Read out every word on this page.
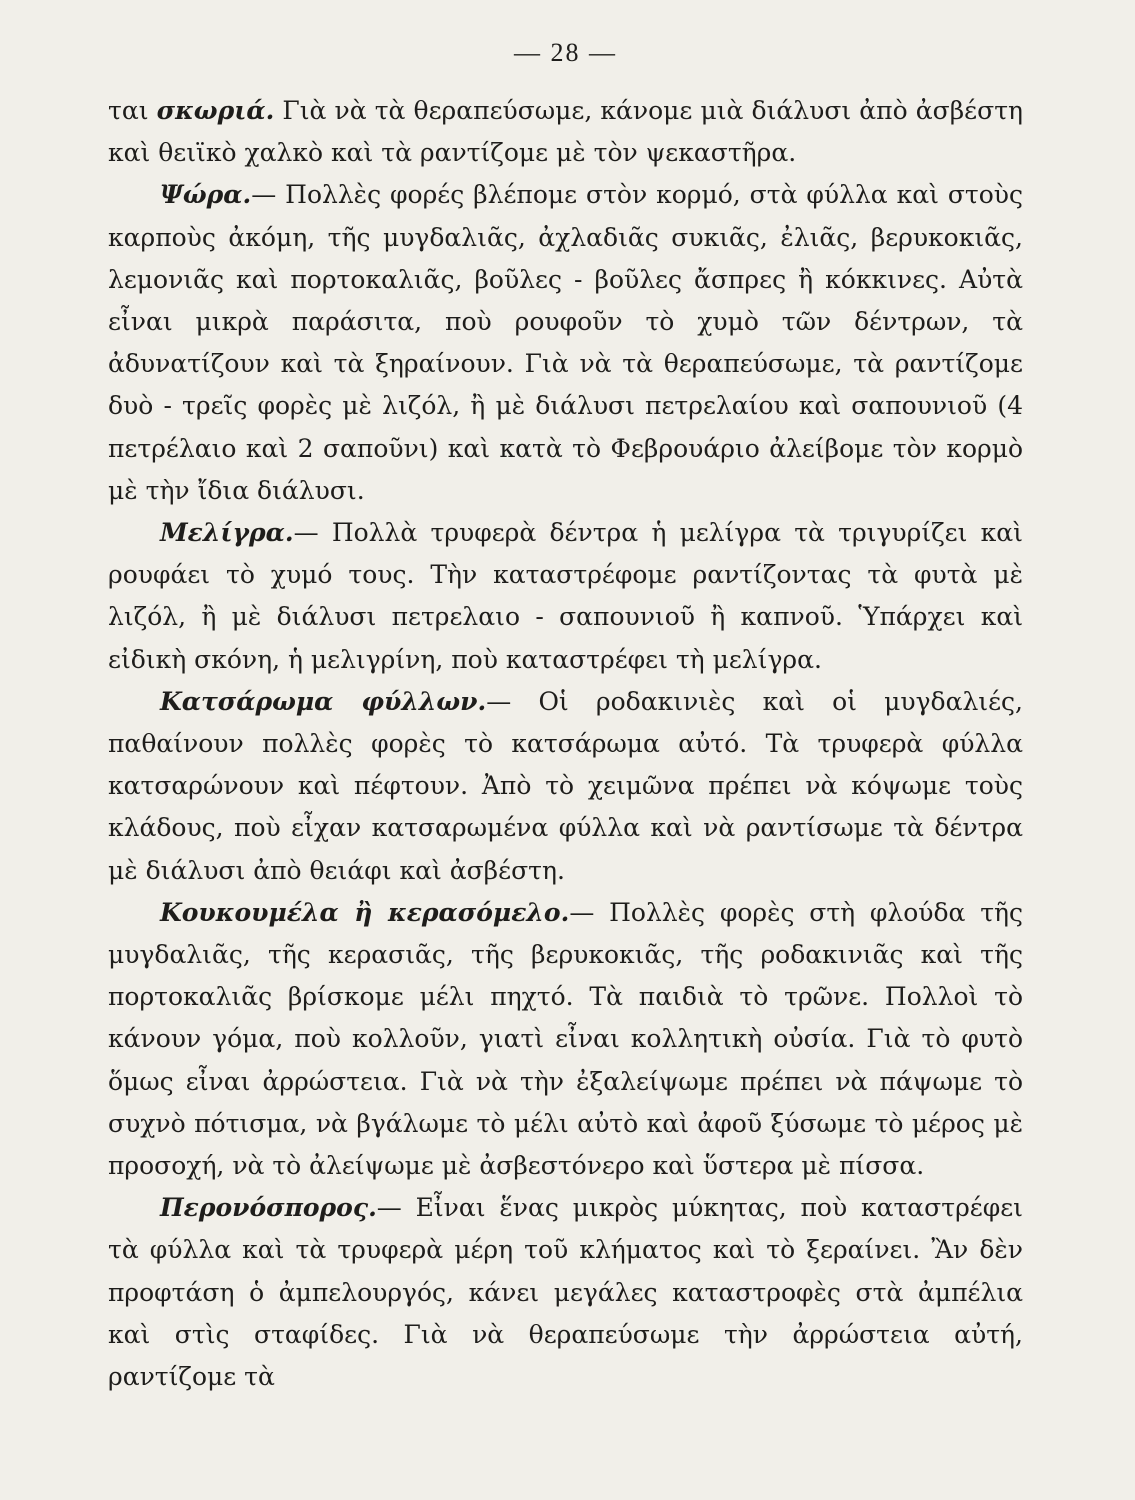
— 28 —

ται σκωριά. Γιὰ νὰ τὰ θεραπεύσωμε, κάνομε μιὰ διάλυσι ἀπὸ ἀσβέστη καὶ θειϊκὸ χαλκὸ καὶ τὰ ραντίζομε μὲ τὸν ψεκαστῆρα.

Ψώρα.— Πολλὲς φορές βλέπομε στὸν κορμό, στὰ φύλλα καὶ στοὺς καρποὺς ἀκόμη, τῆς μυγδαλιᾶς, ἀχλαδιᾶς συκιᾶς, ἐλιᾶς, βερυκοκιᾶς, λεμονιᾶς καὶ πορτοκαλιᾶς, βοῦλες - βοῦλες ἄσπρες ἢ κόκκινες. Αὐτὰ εἶναι μικρὰ παράσιτα, ποὺ ρουφοῦν τὸ χυμὸ τῶν δέντρων, τὰ ἀδυνατίζουν καὶ τὰ ξηραίνουν. Γιὰ νὰ τὰ θεραπεύσωμε, τὰ ραντίζομε δυὸ - τρεῖς φορὲς μὲ λιζόλ, ἢ μὲ διάλυσι πετρελαίου καὶ σαπουνιοῦ (4 πετρέλαιο καὶ 2 σαποῦνι) καὶ κατὰ τὸ Φεβρουάριο ἀλείβομε τὸν κορμὸ μὲ τὴν ἴδια διάλυσι.

Μελίγρα.— Πολλὰ τρυφερὰ δέντρα ἡ μελίγρα τὰ τριγυρίζει καὶ ρουφάει τὸ χυμό τους. Τὴν καταστρέφομε ραντίζοντας τὰ φυτὰ μὲ λιζόλ, ἢ μὲ διάλυσι πετρελαιο - σαπουνιοῦ ἢ καπνοῦ. Ὑπάρχει καὶ εἰδικὴ σκόνη, ἡ μελιγρίνη, ποὺ καταστρέφει τὴ μελίγρα.

Κατσάρωμα φύλλων.— Οἱ ροδακινιὲς καὶ οἱ μυγδαλιές, παθαίνουν πολλὲς φορὲς τὸ κατσάρωμα αὐτό. Τὰ τρυφερὰ φύλλα κατσαρώνουν καὶ πέφτουν. Ἀπὸ τὸ χειμῶνα πρέπει νὰ κόψωμε τοὺς κλάδους, ποὺ εἶχαν κατσαρωμένα φύλλα καὶ νὰ ραντίσωμε τὰ δέντρα μὲ διάλυσι ἀπὸ θειάφι καὶ ἀσβέστη.

Κουκουμέλα ἢ κερασόμελο.— Πολλὲς φορὲς στὴ φλούδα τῆς μυγδαλιᾶς, τῆς κερασιᾶς, τῆς βερυκοκιᾶς, τῆς ροδακινιᾶς καὶ τῆς πορτοκαλιᾶς βρίσκομε μέλι πηχτό. Τὰ παιδιὰ τὸ τρῶνε. Πολλοὶ τὸ κάνουν γόμα, ποὺ κολλοῦν, γιατὶ εἶναι κολλητικὴ οὐσία. Γιὰ τὸ φυτὸ ὅμως εἶναι ἀρρώστεια. Γιὰ νὰ τὴν ἐξαλείψωμε πρέπει νὰ πάψωμε τὸ συχνὸ πότισμα, νὰ βγάλωμε τὸ μέλι αὐτὸ καὶ ἀφοῦ ξύσωμε τὸ μέρος μὲ προσοχή, νὰ τὸ ἀλείψωμε μὲ ἀσβεστόνερο καὶ ὕστερα μὲ πίσσα.

Περονόσπορος.— Εἶναι ἕνας μικρὸς μύκητας, ποὺ καταστρέφει τὰ φύλλα καὶ τὰ τρυφερὰ μέρη τοῦ κλήματος καὶ τὸ ξεραίνει. Ἂν δὲν προφτάση ὁ ἀμπελουργός, κάνει μεγάλες καταστροφὲς στὰ ἀμπέλια καὶ στὶς σταφίδες. Γιὰ νὰ θεραπεύσωμε τὴν ἀρρώστεια αὐτή, ραντίζομε τὰ
